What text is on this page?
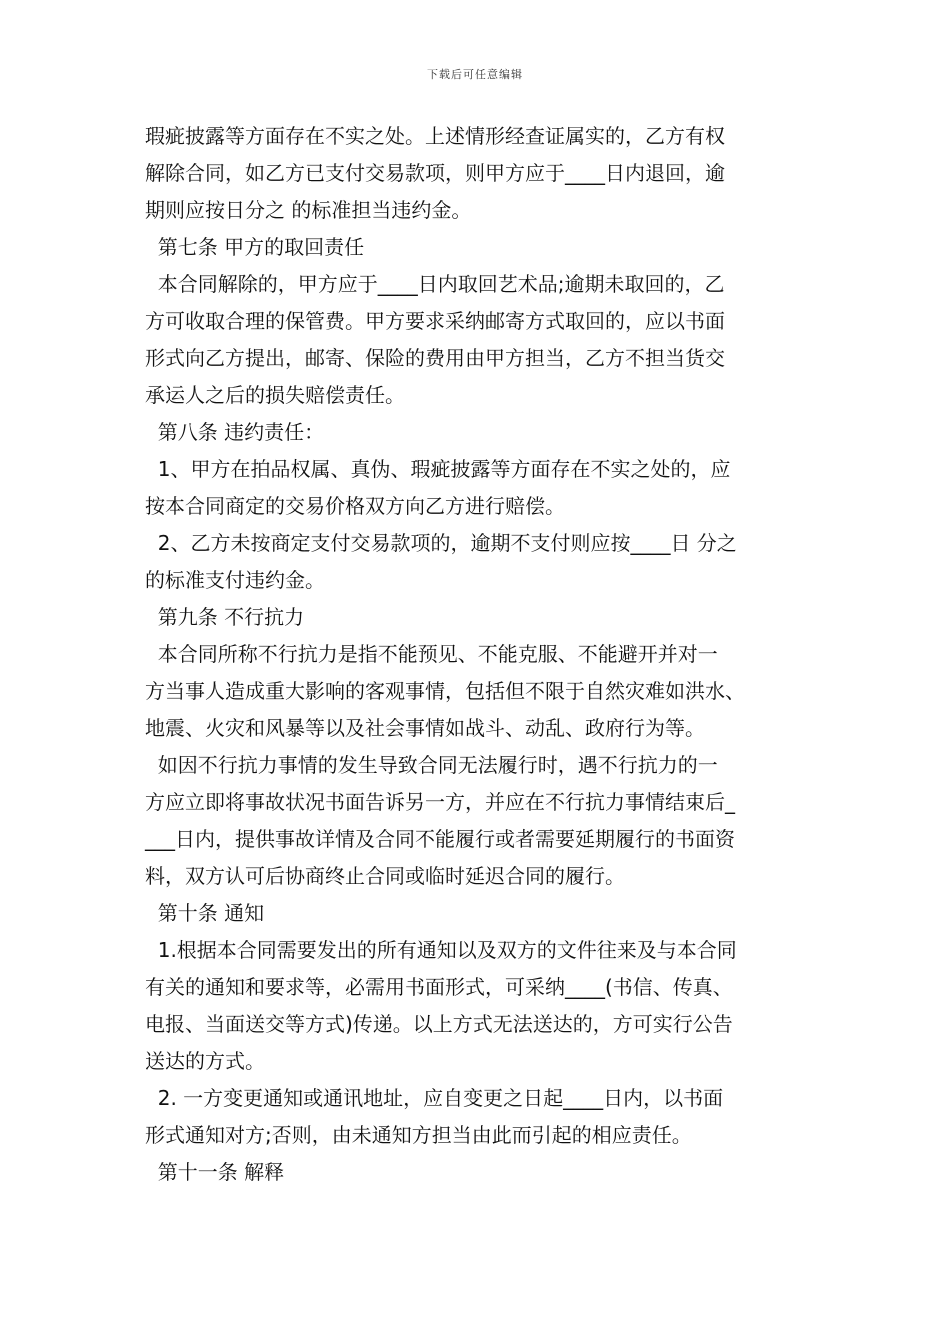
下载后可任意编辑

瑕疵披露等方面存在不实之处。上述情形经查证属实的，乙方有权

解除合同，如乙方已支付交易款项，则甲方应于____日内退回，逾

期则应按日分之 的标准担当违约金。

第七条 甲方的取回责任

本合同解除的，甲方应于____日内取回艺术品;逾期未取回的，乙

方可收取合理的保管费。甲方要求采纳邮寄方式取回的，应以书面

形式向乙方提出，邮寄、保险的费用由甲方担当，乙方不担当货交

承运人之后的损失赔偿责任。

第八条 违约责任：

1、甲方在拍品权属、真伪、瑕疵披露等方面存在不实之处的，应

按本合同商定的交易价格双方向乙方进行赔偿。

2、乙方未按商定支付交易款项的，逾期不支付则应按____日 分之

的标准支付违约金。

第九条 不行抗力

本合同所称不行抗力是指不能预见、不能克服、不能避开并对一

方当事人造成重大影响的客观事情，包括但不限于自然灾难如洪水、

地震、火灾和风暴等以及社会事情如战斗、动乱、政府行为等。

如因不行抗力事情的发生导致合同无法履行时，遇不行抗力的一

方应立即将事故状况书面告诉另一方，并应在不行抗力事情结束后_

___日内，提供事故详情及合同不能履行或者需要延期履行的书面资

料，双方认可后协商终止合同或临时延迟合同的履行。

第十条 通知

1.根据本合同需要发出的所有通知以及双方的文件往来及与本合同

有关的通知和要求等，必需用书面形式，可采纳____(书信、传真、

电报、当面送交等方式)传递。以上方式无法送达的，方可实行公告

送达的方式。

2. 一方变更通知或通讯地址，应自变更之日起____日内，以书面

形式通知对方;否则，由未通知方担当由此而引起的相应责任。

第十一条 解释
